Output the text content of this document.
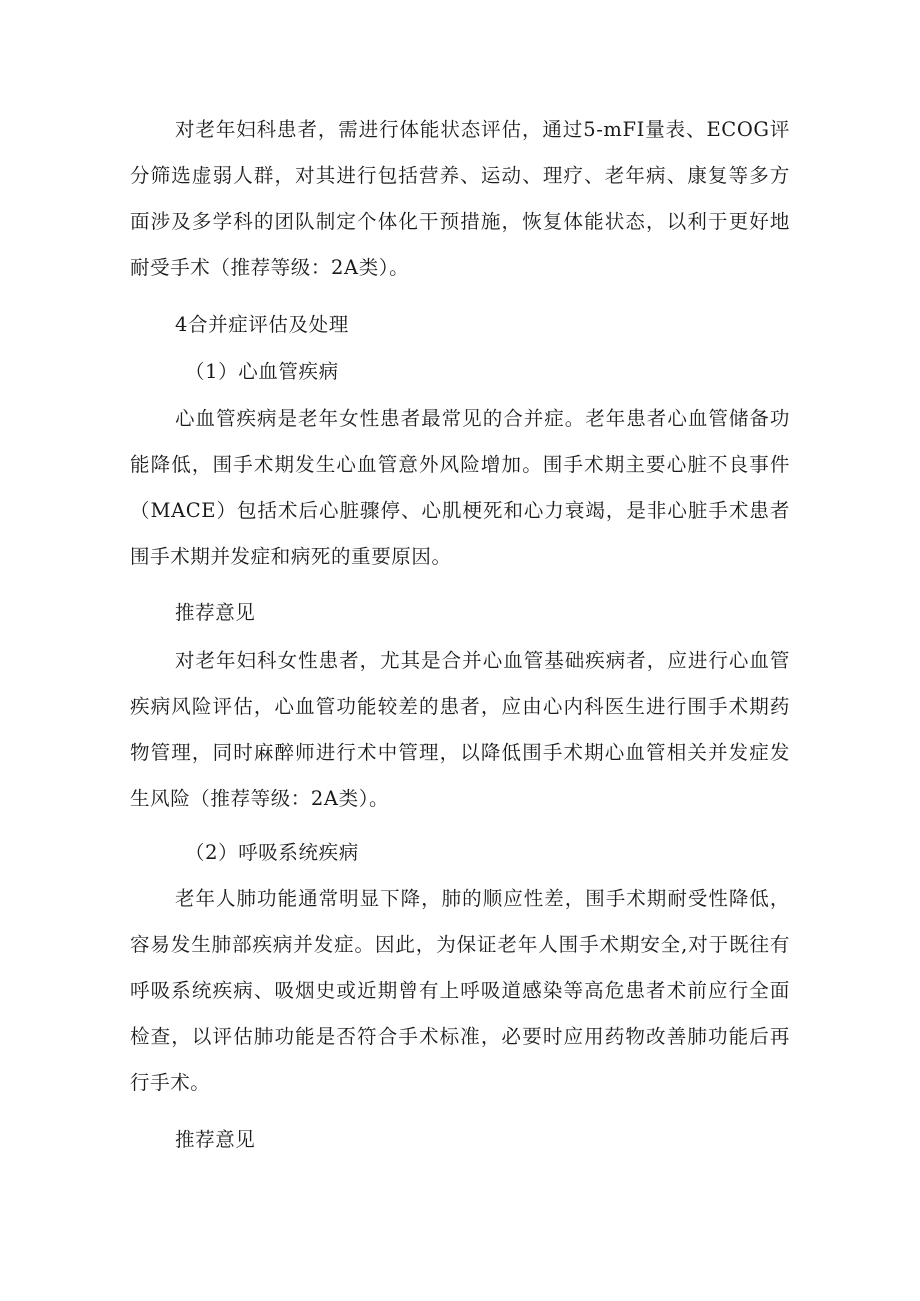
对老年妇科患者，需进行体能状态评估，通过5-mFI量表、ECOG评分筛选虚弱人群，对其进行包括营养、运动、理疗、老年病、康复等多方面涉及多学科的团队制定个体化干预措施，恢复体能状态，以利于更好地耐受手术（推荐等级：2A类）。

4合并症评估及处理

（1）心血管疾病

心血管疾病是老年女性患者最常见的合并症。老年患者心血管储备功能降低，围手术期发生心血管意外风险增加。围手术期主要心脏不良事件（MACE）包括术后心脏骤停、心肌梗死和心力衰竭，是非心脏手术患者围手术期并发症和病死的重要原因。

推荐意见

对老年妇科女性患者，尤其是合并心血管基础疾病者，应进行心血管疾病风险评估，心血管功能较差的患者，应由心内科医生进行围手术期药物管理，同时麻醉师进行术中管理，以降低围手术期心血管相关并发症发生风险（推荐等级：2A类）。

（2）呼吸系统疾病

老年人肺功能通常明显下降，肺的顺应性差，围手术期耐受性降低，容易发生肺部疾病并发症。因此，为保证老年人围手术期安全,对于既往有呼吸系统疾病、吸烟史或近期曾有上呼吸道感染等高危患者术前应行全面检查，以评估肺功能是否符合手术标准，必要时应用药物改善肺功能后再行手术。

推荐意见
